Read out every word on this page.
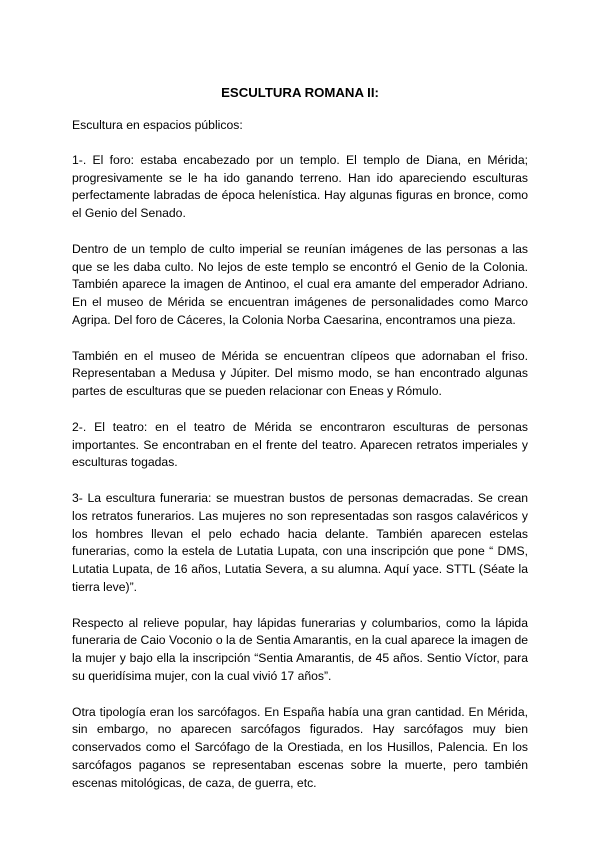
ESCULTURA ROMANA II:
Escultura en espacios públicos:

1-. El foro: estaba encabezado por un templo. El templo de Diana, en Mérida; progresivamente se le ha ido ganando terreno. Han ido apareciendo esculturas perfectamente labradas de época helenística. Hay algunas figuras en bronce, como el Genio del Senado.

Dentro de un templo de culto imperial se reunían imágenes de las personas a las que se les daba culto. No lejos de este templo se encontró el Genio de la Colonia. También aparece la imagen de Antinoo, el cual era amante del emperador Adriano. En el museo de Mérida se encuentran imágenes de personalidades como Marco Agripa. Del foro de Cáceres, la Colonia Norba Caesarina, encontramos una pieza.

También en el museo de Mérida se encuentran clípeos que adornaban el friso. Representaban a Medusa y Júpiter. Del mismo modo, se han encontrado algunas partes de esculturas que se pueden relacionar con Eneas y Rómulo.

2-. El teatro: en el teatro de Mérida se encontraron esculturas de personas importantes. Se encontraban en el frente del teatro. Aparecen retratos imperiales y esculturas togadas.

3- La escultura funeraria: se muestran bustos de personas demacradas. Se crean los retratos funerarios. Las mujeres no son representadas son rasgos calavéricos y los hombres llevan el pelo echado hacia delante. También aparecen estelas funerarias, como la estela de Lutatia Lupata, con una inscripción que pone “ DMS, Lutatia Lupata, de 16 años, Lutatia Severa, a su alumna. Aquí yace. STTL (Séate la tierra leve)”.

Respecto al relieve popular, hay lápidas funerarias y columbarios, como la lápida funeraria de Caio Voconio o la de Sentia Amarantis, en la cual aparece la imagen de la mujer y bajo ella la inscripción “Sentia Amarantis, de 45 años. Sentio Víctor, para su queridísima mujer, con la cual vivió 17 años”.

Otra tipología eran los sarcófagos. En España había una gran cantidad. En Mérida, sin embargo, no aparecen sarcófagos figurados. Hay sarcófagos muy bien conservados como el Sarcófago de la Orestiada, en los Husillos, Palencia. En los sarcófagos paganos se representaban escenas sobre la muerte, pero también escenas mitológicas, de caza, de guerra, etc.
